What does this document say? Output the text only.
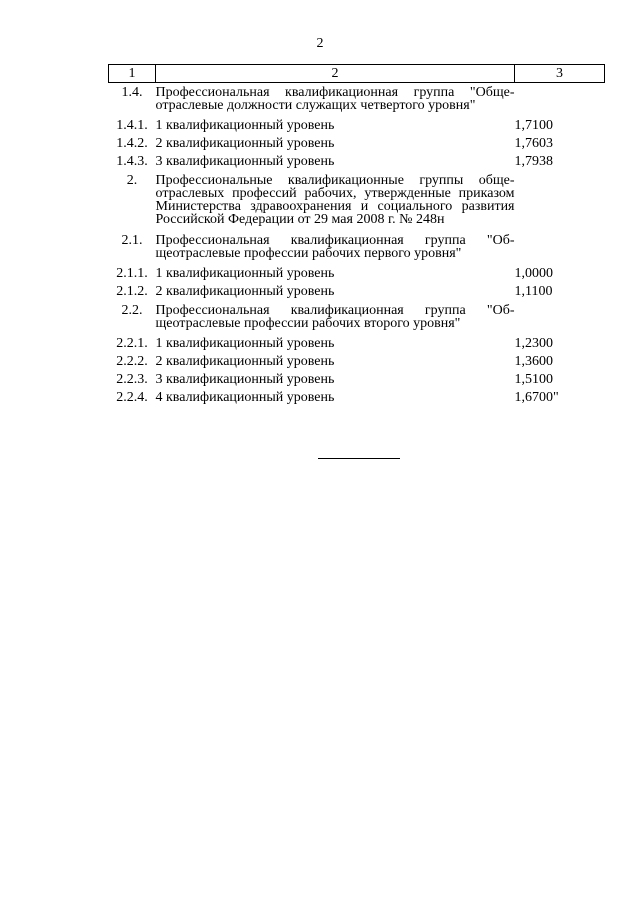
2
1	2	3
1.4.	Профессиональная квалификационная группа "Общеотраслевые должности служащих четвертого уровня"	
1.4.1.	1 квалификационный уровень	1,7100
1.4.2.	2 квалификационный уровень	1,7603
1.4.3.	3 квалификационный уровень	1,7938
2.	Профессиональные квалификационные группы общеотраслевых профессий рабочих, утвержденные приказом Министерства здравоохранения и социального развития Российской Федерации от 29 мая 2008 г. № 248н	
2.1.	Профессиональная квалификационная группа "Общеотраслевые профессии рабочих первого уровня"	
2.1.1.	1 квалификационный уровень	1,0000
2.1.2.	2 квалификационный уровень	1,1100
2.2.	Профессиональная квалификационная группа "Общеотраслевые профессии рабочих второго уровня"	
2.2.1.	1 квалификационный уровень	1,2300
2.2.2.	2 квалификационный уровень	1,3600
2.2.3.	3 квалификационный уровень	1,5100
2.2.4.	4 квалификационный уровень	1,6700"
